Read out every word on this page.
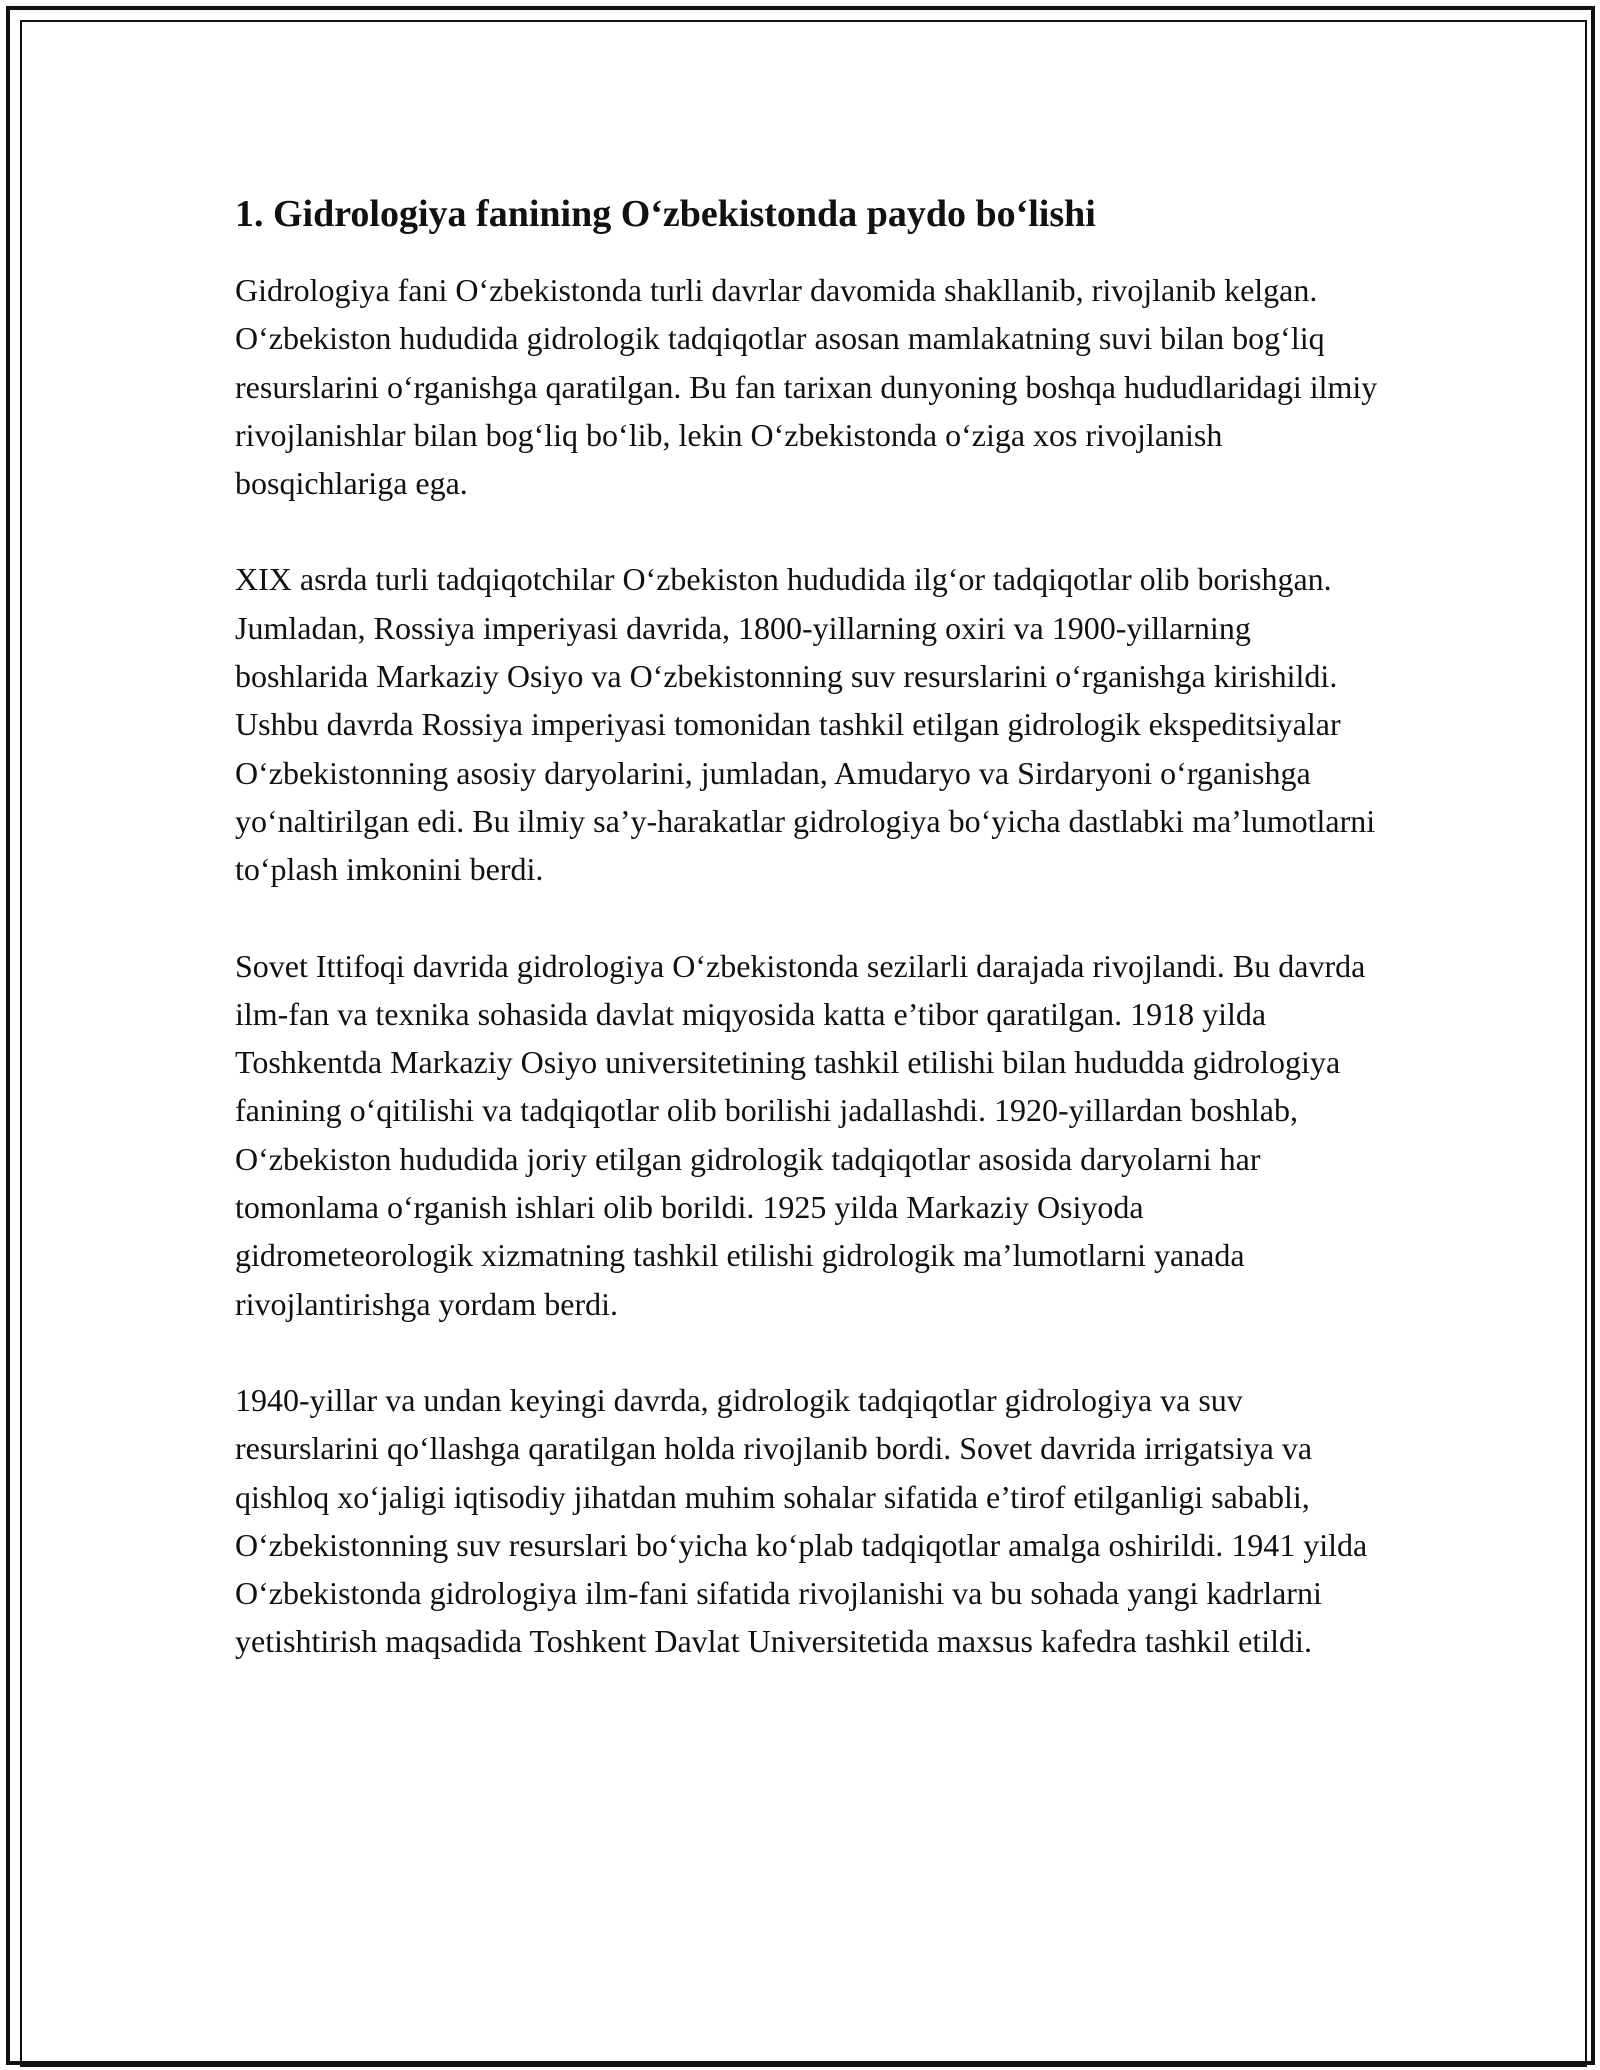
1. Gidrologiya fanining O‘zbekistonda paydo bo‘lishi

Gidrologiya fani O‘zbekistonda turli davrlar davomida shakllanib, rivojlanib kelgan. O‘zbekiston hududida gidrologik tadqiqotlar asosan mamlakatning suvi bilan bog‘liq resurslarini o‘rganishga qaratilgan. Bu fan tarixan dunyoning boshqa hududlaridagi ilmiy rivojlanishlar bilan bog‘liq bo‘lib, lekin O‘zbekistonda o‘ziga xos rivojlanish bosqichlariga ega.

XIX asrda turli tadqiqotchilar O‘zbekiston hududida ilg‘or tadqiqotlar olib borishgan. Jumladan, Rossiya imperiyasi davrida, 1800-yillarning oxiri va 1900-yillarning boshlarida Markaziy Osiyo va O‘zbekistonning suv resurslarini o‘rganishga kirishildi. Ushbu davrda Rossiya imperiyasi tomonidan tashkil etilgan gidrologik ekspeditsiyalar O‘zbekistonning asosiy daryolarini, jumladan, Amudaryo va Sirdaryoni o‘rganishga yo‘naltirilgan edi. Bu ilmiy sa’y-harakatlar gidrologiya bo‘yicha dastlabki ma’lumotlarni to‘plash imkonini berdi.

Sovet Ittifoqi davrida gidrologiya O‘zbekistonda sezilarli darajada rivojlandi. Bu davrda ilm-fan va texnika sohasida davlat miqyosida katta e’tibor qaratilgan. 1918 yilda Toshkentda Markaziy Osiyo universitetining tashkil etilishi bilan hududda gidrologiya fanining o‘qitilishi va tadqiqotlar olib borilishi jadallashdi. 1920-yillardan boshlab, O‘zbekiston hududida joriy etilgan gidrologik tadqiqotlar asosida daryolarni har tomonlama o‘rganish ishlari olib borildi. 1925 yilda Markaziy Osiyoda gidrometeorologik xizmatning tashkil etilishi gidrologik ma’lumotlarni yanada rivojlantirishga yordam berdi.

1940-yillar va undan keyingi davrda, gidrologik tadqiqotlar gidrologiya va suv resurslarini qo‘llashga qaratilgan holda rivojlanib bordi. Sovet davrida irrigatsiya va qishloq xo‘jaligi iqtisodiy jihatdan muhim sohalar sifatida e’tirof etilganligi sababli, O‘zbekistonning suv resurslari bo‘yicha ko‘plab tadqiqotlar amalga oshirildi. 1941 yilda O‘zbekistonda gidrologiya ilm-fani sifatida rivojlanishi va bu sohada yangi kadrlarni yetishtirish maqsadida Toshkent Davlat Universitetida maxsus kafedra tashkil etildi.
